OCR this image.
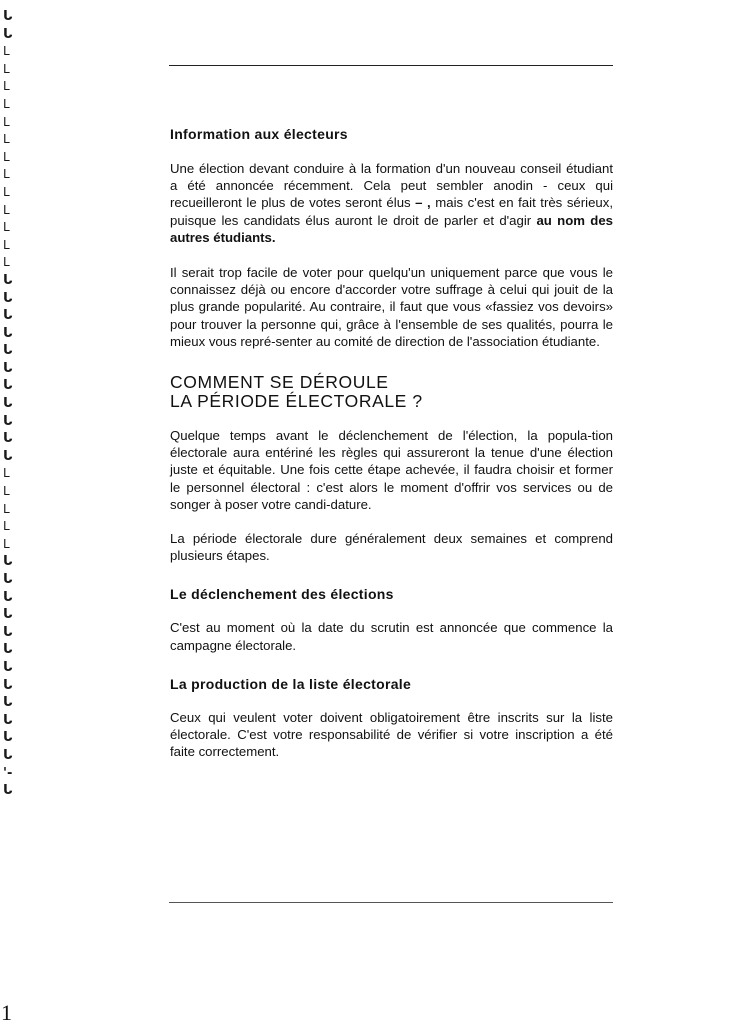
ᒐ
ᒐ
L
L
L
L
L
L
L
L
L
L
L
L
L
ᒐ
ᒐ
ᒐ
ᒐ
ᒐ
ᒐ
ᒐ
ᒐ
ᒐ
ᒐ
ᒐ
L
L
L
L
L
ᒐ
ᒐ
ᒐ
ᒐ
ᒐ
ᒐ
ᒐ
ᒐ
ᒐ
ᒐ
ᒐ
ᒐ
'-
ᒐ
Information aux électeurs

Une élection devant conduire à la formation d'un nouveau conseil étudiant a été annoncée récemment. Cela peut sembler anodin - ceux qui recueilleront le plus de votes seront élus – , mais c'est en fait très sérieux, puisque les candidats élus auront le droit de parler et d'agir au nom des autres étudiants.

Il serait trop facile de voter pour quelqu'un uniquement parce que vous le connaissez déjà ou encore d'accorder votre suffrage à celui qui jouit de la plus grande popularité. Au contraire, il faut que vous «fassiez vos devoirs» pour trouver la personne qui, grâce à l'ensemble de ses qualités, pourra le mieux vous repré-senter au comité de direction de l'association étudiante.

COMMENT SE DÉROULE
LA PÉRIODE ÉLECTORALE ?

Quelque temps avant le déclenchement de l'élection, la popula-tion électorale aura entériné les règles qui assureront la tenue d'une élection juste et équitable. Une fois cette étape achevée, il faudra choisir et former le personnel électoral : c'est alors le moment d'offrir vos services ou de songer à poser votre candi-dature.

La période électorale dure généralement deux semaines et comprend plusieurs étapes.

Le déclenchement des élections

C'est au moment où la date du scrutin est annoncée que commence la campagne électorale.

La production de la liste électorale

Ceux qui veulent voter doivent obligatoirement être inscrits sur la liste électorale. C'est votre responsabilité de vérifier si votre inscription a été faite correctement.

1
